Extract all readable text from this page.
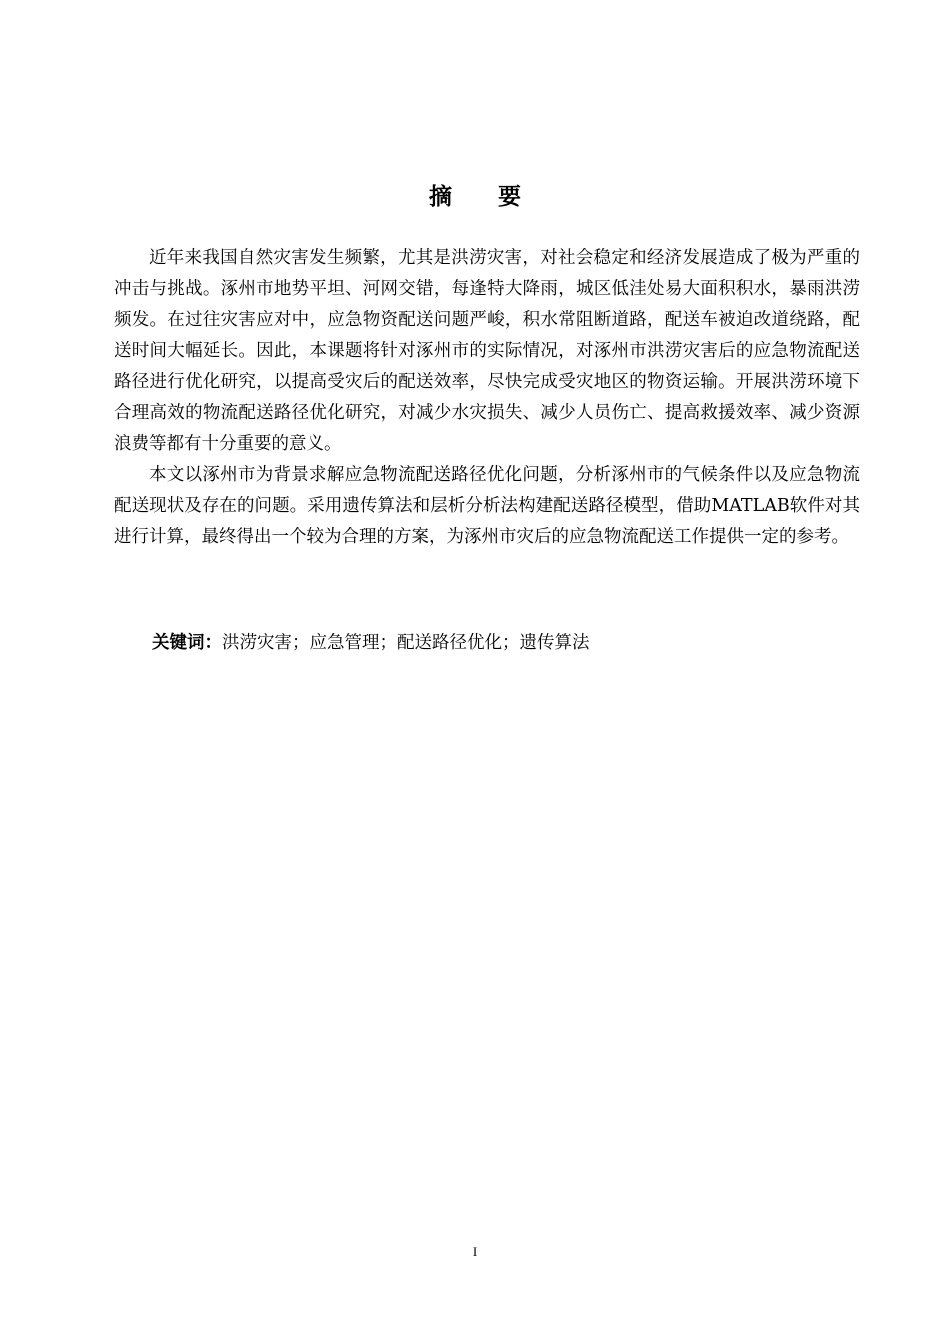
摘 要

近年来我国自然灾害发生频繁，尤其是洪涝灾害，对社会稳定和经济发展造成了极为严重的冲击与挑战。涿州市地势平坦、河网交错，每逢特大降雨，城区低洼处易大面积积水，暴雨洪涝频发。在过往灾害应对中，应急物资配送问题严峻，积水常阻断道路，配送车被迫改道绕路，配送时间大幅延长。因此，本课题将针对涿州市的实际情况，对涿州市洪涝灾害后的应急物流配送路径进行优化研究，以提高受灾后的配送效率，尽快完成受灾地区的物资运输。开展洪涝环境下合理高效的物流配送路径优化研究，对减少水灾损失、减少人员伤亡、提高救援效率、减少资源浪费等都有十分重要的意义。

本文以涿州市为背景求解应急物流配送路径优化问题，分析涿州市的气候条件以及应急物流配送现状及存在的问题。采用遗传算法和层析分析法构建配送路径模型，借助MATLAB软件对其进行计算，最终得出一个较为合理的方案，为涿州市灾后的应急物流配送工作提供一定的参考。

关键词：洪涝灾害；应急管理；配送路径优化；遗传算法
I
